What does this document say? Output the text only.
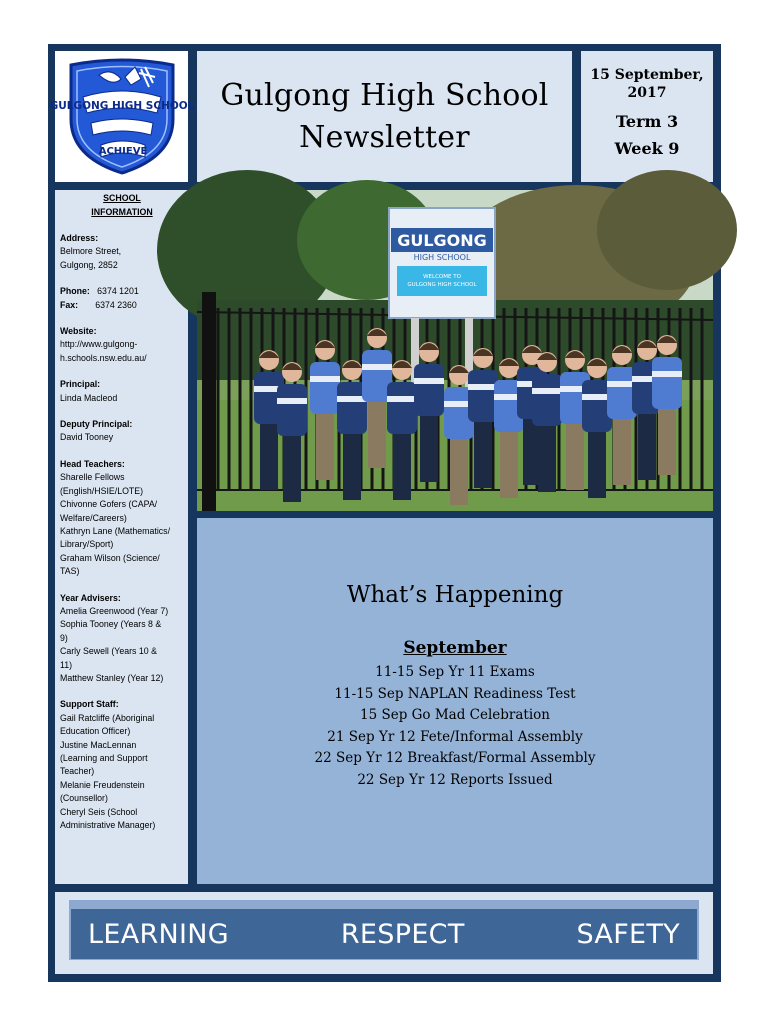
GULGONG HIGH SCHOOL
ACHIEVE
Gulgong High School
Newsletter
15 September, 2017
Term 3
Week 9
SCHOOL
INFORMATION
Address:
Belmore Street,
Gulgong, 2852
Phone: 6374 1201
Fax: 6374 2360
Website:
http://www.gulgong-
h.schools.nsw.edu.au/
Principal:
Linda Macleod
Deputy Principal:
David Tooney
Head Teachers:
Sharelle Fellows
(English/HSIE/LOTE)
Chivonne Gofers (CAPA/
Welfare/Careers)
Kathryn Lane (Mathematics/
Library/Sport)
Graham Wilson (Science/
TAS)
Year Advisers:
Amelia Greenwood (Year 7)
Sophia Tooney (Years 8 &
9)
Carly Sewell (Years 10 &
11)
Matthew Stanley (Year 12)
Support Staff:
Gail Ratcliffe (Aboriginal
Education Officer)
Justine MacLennan
(Learning and Support
Teacher)
Melanie Freudenstein
(Counsellor)
Cheryl Seis (School
Administrative Manager)
GULGONG
HIGH SCHOOL
WELCOME TO
GULGONG HIGH SCHOOL
What’s Happening
September
11-15 Sep Yr 11 Exams
11-15 Sep NAPLAN Readiness Test
15 Sep Go Mad Celebration
21 Sep Yr 12 Fete/Informal Assembly
22 Sep Yr 12 Breakfast/Formal Assembly
22 Sep Yr 12 Reports Issued
LEARNING	RESPECT	SAFETY
